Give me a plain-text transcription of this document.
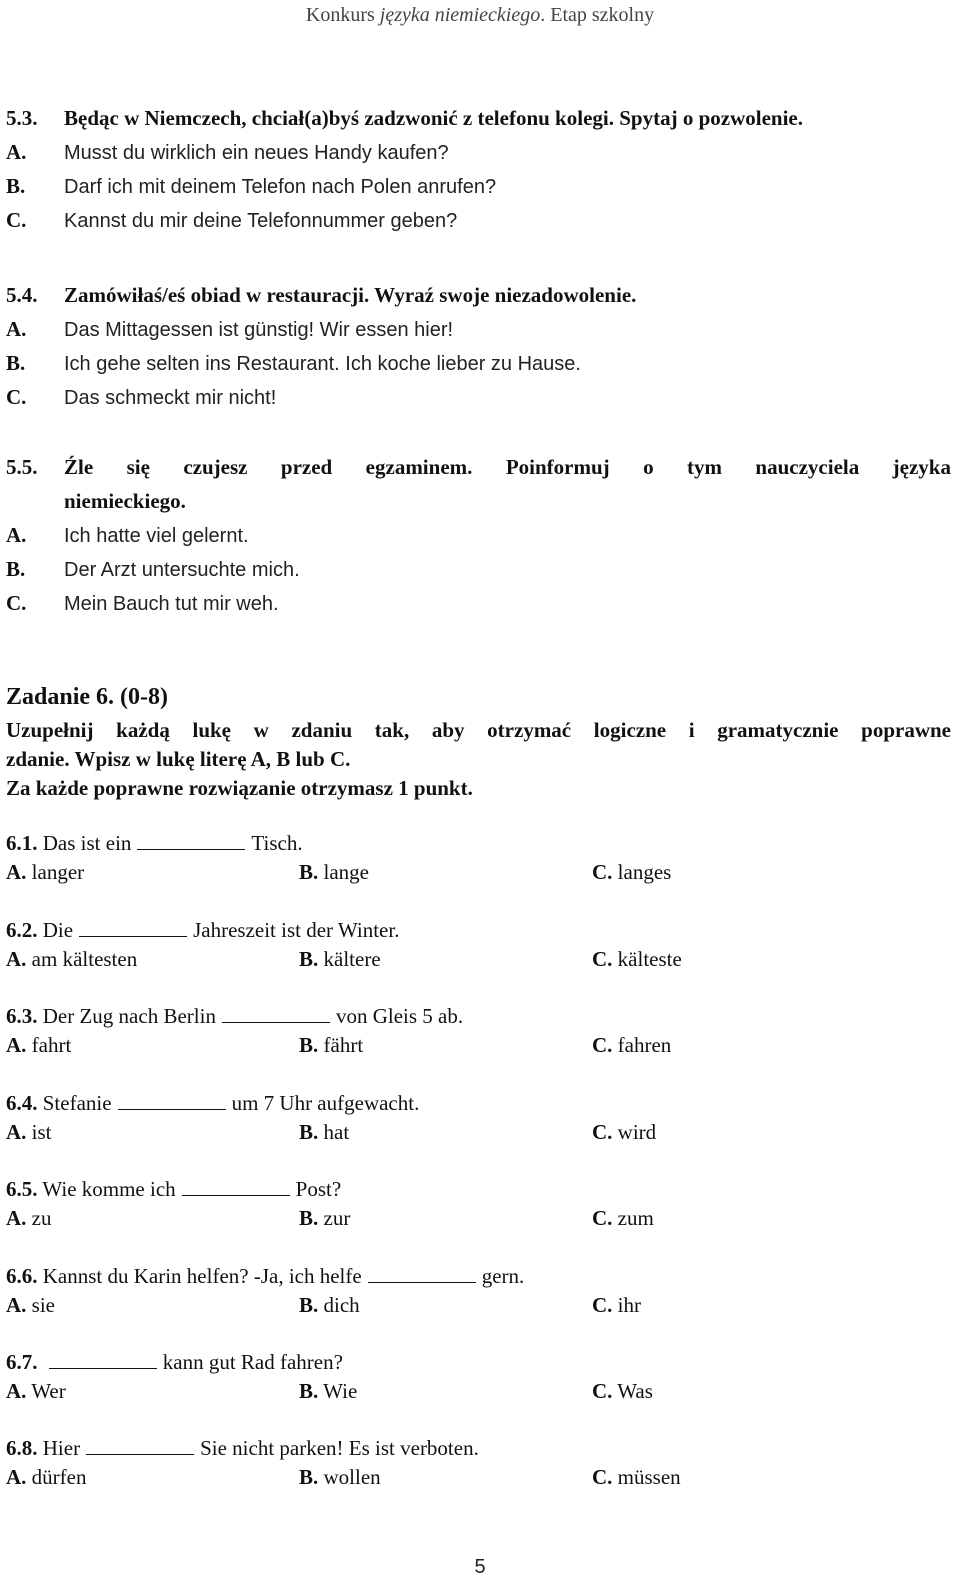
Konkurs języka niemieckiego. Etap szkolny
5.3.	Będąc w Niemczech, chciał(a)byś zadzwonić z telefonu kolegi. Spytaj o pozwolenie.
A.	Musst du wirklich ein neues Handy kaufen?
B.	Darf ich mit deinem Telefon nach Polen anrufen?
C.	Kannst du mir deine Telefonnummer geben?
5.4.	Zamówiłaś/eś obiad w restauracji. Wyraź swoje niezadowolenie.
A.	Das Mittagessen ist günstig! Wir essen hier!
B.	Ich gehe selten ins Restaurant. Ich koche lieber zu Hause.
C.	Das schmeckt mir nicht!
5.5.	Źle się czujesz przed egzaminem. Poinformuj o tym nauczyciela języka
niemieckiego.
A.	Ich hatte viel gelernt.
B.	Der Arzt untersuchte mich.
C.	Mein Bauch tut mir weh.
Zadanie 6. (0-8)
Uzupełnij każdą lukę w zdaniu tak, aby otrzymać logiczne i gramatycznie poprawne
zdanie. Wpisz w lukę literę A, B lub C.
Za każde poprawne rozwiązanie otrzymasz 1 punkt.
6.1. Das ist ein	Tisch.
A. langer	B. lange	C. langes
6.2. Die	Jahreszeit ist der Winter.
A. am kältesten	B. kältere	C. kälteste
6.3. Der Zug nach Berlin	von Gleis 5 ab.
A. fahrt	B. fährt	C. fahren
6.4. Stefanie	um 7 Uhr aufgewacht.
A. ist	B. hat	C. wird
6.5. Wie komme ich	Post?
A. zu	B. zur	C. zum
6.6. Kannst du Karin helfen? -Ja, ich helfe	gern.
A. sie	B. dich	C. ihr
6.7.	kann gut Rad fahren?
A. Wer	B. Wie	C. Was
6.8. Hier	Sie nicht parken! Es ist verboten.
A. dürfen	B. wollen	C. müssen
5
